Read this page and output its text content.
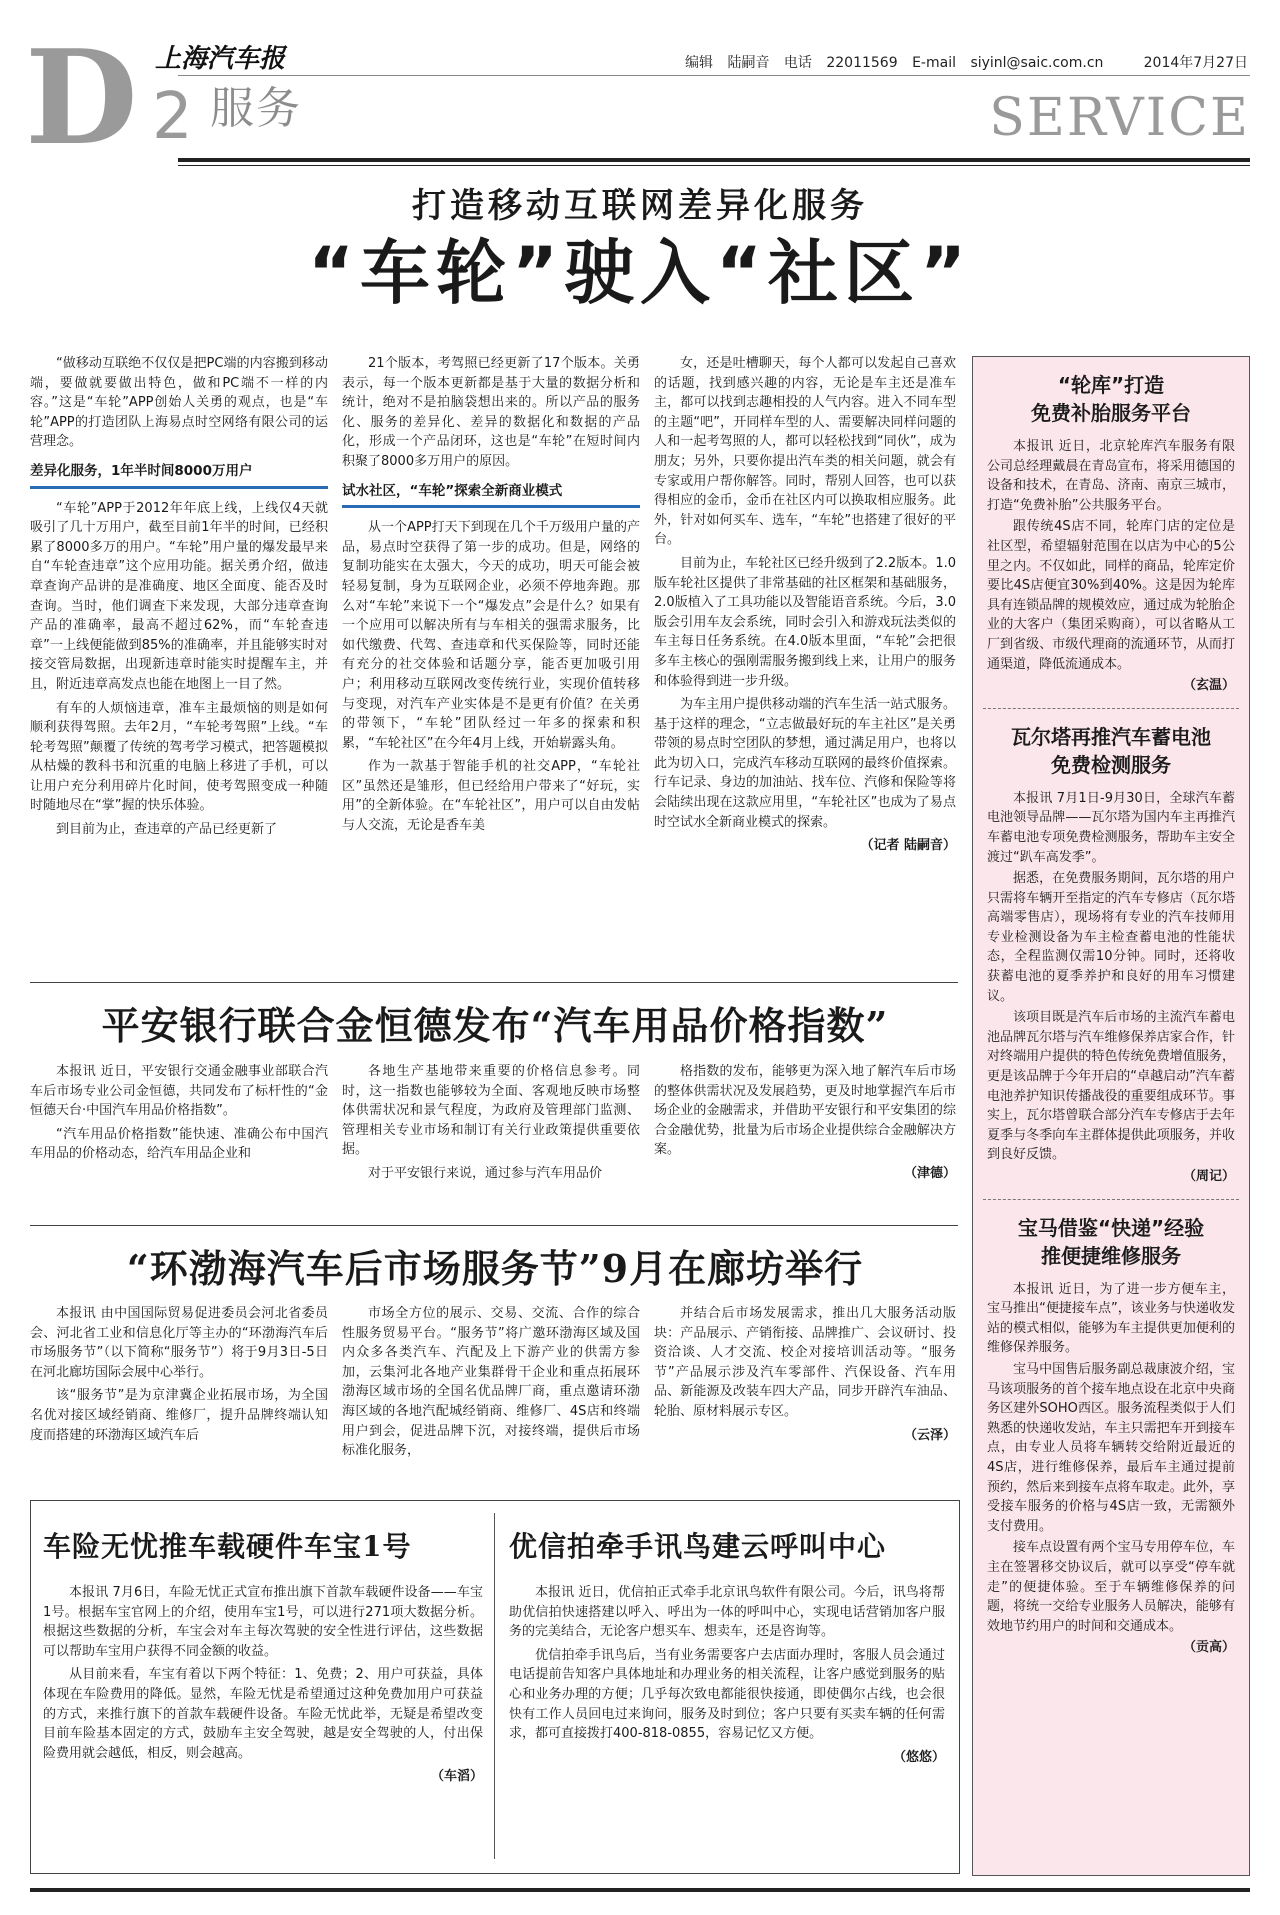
D 上海汽车报
2 服务
编辑 陆嗣音 电话 22011569 E-mail siyinl@saic.com.cn	2014年7月27日
SERVICE
打造移动互联网差异化服务
“车轮”驶入“社区”

“做移动互联绝不仅仅是把PC端的内容搬到移动端，要做就要做出特色，做和PC端不一样的内容。”这是“车轮”APP创始人关勇的观点，也是“车轮”APP的打造团队上海易点时空网络有限公司的运营理念。

差异化服务，1年半时间8000万用户

“车轮”APP于2012年年底上线，上线仅4天就吸引了几十万用户，截至目前1年半的时间，已经积累了8000多万的用户。“车轮”用户量的爆发最早来自“车轮查违章”这个应用功能。据关勇介绍，做违章查询产品讲的是准确度、地区全面度、能否及时查询。当时，他们调查下来发现，大部分违章查询产品的准确率，最高不超过62%，而“车轮查违章”一上线便能做到85%的准确率，并且能够实时对接交管局数据，出现新违章时能实时提醒车主，并且，附近违章高发点也能在地图上一目了然。

有车的人烦恼违章，准车主最烦恼的则是如何顺利获得驾照。去年2月，“车轮考驾照”上线。“车轮考驾照”颠覆了传统的驾考学习模式，把答题模拟从枯燥的教科书和沉重的电脑上移进了手机，可以让用户充分利用碎片化时间，使考驾照变成一种随时随地尽在“掌”握的快乐体验。

到目前为止，查违章的产品已经更新了

21个版本，考驾照已经更新了17个版本。关勇表示，每一个版本更新都是基于大量的数据分析和统计，绝对不是拍脑袋想出来的。所以产品的服务化、服务的差异化、差异的数据化和数据的产品化，形成一个产品闭环，这也是“车轮”在短时间内积聚了8000多万用户的原因。

试水社区，“车轮”探索全新商业模式

从一个APP打天下到现在几个千万级用户量的产品，易点时空获得了第一步的成功。但是，网络的复制功能实在太强大，今天的成功，明天可能会被轻易复制，身为互联网企业，必须不停地奔跑。那么对“车轮”来说下一个“爆发点”会是什么？如果有一个应用可以解决所有与车相关的强需求服务，比如代缴费、代驾、查违章和代买保险等，同时还能有充分的社交体验和话题分享，能否更加吸引用户；利用移动互联网改变传统行业，实现价值转移与变现，对汽车产业实体是不是更有价值？在关勇的带领下，“车轮”团队经过一年多的探索和积累，“车轮社区”在今年4月上线，开始崭露头角。

作为一款基于智能手机的社交APP，“车轮社区”虽然还是雏形，但已经给用户带来了“好玩，实用”的全新体验。在“车轮社区”，用户可以自由发帖与人交流，无论是香车美

女，还是吐槽聊天，每个人都可以发起自己喜欢的话题，找到感兴趣的内容，无论是车主还是准车主，都可以找到志趣相投的人气内容。进入不同车型的主题“吧”，开同样车型的人、需要解决同样问题的人和一起考驾照的人，都可以轻松找到“同伙”，成为朋友；另外，只要你提出汽车类的相关问题，就会有专家或用户帮你解答。同时，帮别人回答，也可以获得相应的金币，金币在社区内可以换取相应服务。此外，针对如何买车、选车，“车轮”也搭建了很好的平台。

目前为止，车轮社区已经升级到了2.2版本。1.0版车轮社区提供了非常基础的社区框架和基础服务，2.0版植入了工具功能以及智能语音系统。今后，3.0版会引用车友会系统，同时会引入和游戏玩法类似的车主每日任务系统。在4.0版本里面，“车轮”会把很多车主核心的强刚需服务搬到线上来，让用户的服务和体验得到进一步升级。

为车主用户提供移动端的汽车生活一站式服务。基于这样的理念，“立志做最好玩的车主社区”是关勇带领的易点时空团队的梦想，通过满足用户，也将以此为切入口，完成汽车移动互联网的最终价值探索。行车记录、身边的加油站、找车位、汽修和保险等将会陆续出现在这款应用里，“车轮社区”也成为了易点时空试水全新商业模式的探索。

（记者 陆嗣音）
平安银行联合金恒德发布“汽车用品价格指数”

本报讯 近日，平安银行交通金融事业部联合汽车后市场专业公司金恒德，共同发布了标杆性的“金恒德天台·中国汽车用品价格指数”。

“汽车用品价格指数”能快速、准确公布中国汽车用品的价格动态，给汽车用品企业和

各地生产基地带来重要的价格信息参考。同时，这一指数也能够较为全面、客观地反映市场整体供需状况和景气程度，为政府及管理部门监测、管理相关专业市场和制订有关行业政策提供重要依据。

对于平安银行来说，通过参与汽车用品价

格指数的发布，能够更为深入地了解汽车后市场的整体供需状况及发展趋势，更及时地掌握汽车后市场企业的金融需求，并借助平安银行和平安集团的综合金融优势，批量为后市场企业提供综合金融解决方案。

（津德）
“环渤海汽车后市场服务节”9月在廊坊举行

本报讯 由中国国际贸易促进委员会河北省委员会、河北省工业和信息化厅等主办的“环渤海汽车后市场服务节”（以下简称“服务节”）将于9月3日-5日在河北廊坊国际会展中心举行。

该“服务节”是为京津冀企业拓展市场，为全国名优对接区域经销商、维修厂，提升品牌终端认知度而搭建的环渤海区域汽车后

市场全方位的展示、交易、交流、合作的综合性服务贸易平台。“服务节”将广邀环渤海区域及国内众多各类汽车、汽配及上下游产业的供需方参加，云集河北各地产业集群骨干企业和重点拓展环渤海区域市场的全国名优品牌厂商，重点邀请环渤海区域的各地汽配城经销商、维修厂、4S店和终端用户到会，促进品牌下沉，对接终端，提供后市场标准化服务，

并结合后市场发展需求，推出几大服务活动版块：产品展示、产销衔接、品牌推广、会议研讨、投资洽谈、人才交流、校企对接培训活动等。“服务节”产品展示涉及汽车零部件、汽保设备、汽车用品、新能源及改装车四大产品，同步开辟汽车油品、轮胎、原材料展示专区。

（云泽）
车险无忧推车载硬件车宝1号

本报讯 7月6日，车险无忧正式宣布推出旗下首款车载硬件设备——车宝1号。根据车宝官网上的介绍，使用车宝1号，可以进行271项大数据分析。根据这些数据的分析，车宝会对车主每次驾驶的安全性进行评估，这些数据可以帮助车宝用户获得不同金额的收益。

从目前来看，车宝有着以下两个特征：1、免费；2、用户可获益，具体体现在车险费用的降低。显然，车险无忧是希望通过这种免费加用户可获益的方式，来推行旗下的首款车载硬件设备。车险无忧此举，无疑是希望改变目前车险基本固定的方式，鼓励车主安全驾驶，越是安全驾驶的人，付出保险费用就会越低，相反，则会越高。

（车滔）
优信拍牵手讯鸟建云呼叫中心

本报讯 近日，优信拍正式牵手北京讯鸟软件有限公司。今后，讯鸟将帮助优信拍快速搭建以呼入、呼出为一体的呼叫中心，实现电话营销加客户服务的完美结合，无论客户想买车、想卖车，还是咨询等。

优信拍牵手讯鸟后，当有业务需要客户去店面办理时，客服人员会通过电话提前告知客户具体地址和办理业务的相关流程，让客户感觉到服务的贴心和业务办理的方便；几乎每次致电都能很快接通，即使偶尔占线，也会很快有工作人员回电过来询问，服务及时到位；客户只要有买卖车辆的任何需求，都可直接拨打400-818-0855，容易记忆又方便。

（悠悠）
“轮库”打造
免费补胎服务平台

本报讯 近日，北京轮库汽车服务有限公司总经理戴晨在青岛宣布，将采用德国的设备和技术，在青岛、济南、南京三城市，打造“免费补胎”公共服务平台。

跟传统4S店不同，轮库门店的定位是社区型，希望辐射范围在以店为中心的5公里之内。不仅如此，同样的商品，轮库定价要比4S店便宜30%到40%。这是因为轮库具有连锁品牌的规模效应，通过成为轮胎企业的大客户（集团采购商），可以省略从工厂到省级、市级代理商的流通环节，从而打通渠道，降低流通成本。

（玄温）
瓦尔塔再推汽车蓄电池
免费检测服务

本报讯 7月1日-9月30日，全球汽车蓄电池领导品牌——瓦尔塔为国内车主再推汽车蓄电池专项免费检测服务，帮助车主安全渡过“趴车高发季”。

据悉，在免费服务期间，瓦尔塔的用户只需将车辆开至指定的汽车专修店（瓦尔塔高端零售店），现场将有专业的汽车技师用专业检测设备为车主检查蓄电池的性能状态，全程监测仅需10分钟。同时，还将收获蓄电池的夏季养护和良好的用车习惯建议。

该项目既是汽车后市场的主流汽车蓄电池品牌瓦尔塔与汽车维修保养店家合作，针对终端用户提供的特色传统免费增值服务，更是该品牌于今年开启的“卓越启动”汽车蓄电池养护知识传播战役的重要组成环节。事实上，瓦尔塔曾联合部分汽车专修店于去年夏季与冬季向车主群体提供此项服务，并收到良好反馈。

（周记）
宝马借鉴“快递”经验
推便捷维修服务

本报讯 近日，为了进一步方便车主，宝马推出“便捷接车点”，该业务与快递收发站的模式相似，能够为车主提供更加便利的维修保养服务。

宝马中国售后服务副总裁康波介绍，宝马该项服务的首个接车地点设在北京中央商务区建外SOHO西区。服务流程类似于人们熟悉的快递收发站，车主只需把车开到接车点，由专业人员将车辆转交给附近最近的4S店，进行维修保养，最后车主通过提前预约，然后来到接车点将车取走。此外，享受接车服务的价格与4S店一致，无需额外支付费用。

接车点设置有两个宝马专用停车位，车主在签署移交协议后，就可以享受“停车就走”的便捷体验。至于车辆维修保养的问题，将统一交给专业服务人员解决，能够有效地节约用户的时间和交通成本。

（贡高）
